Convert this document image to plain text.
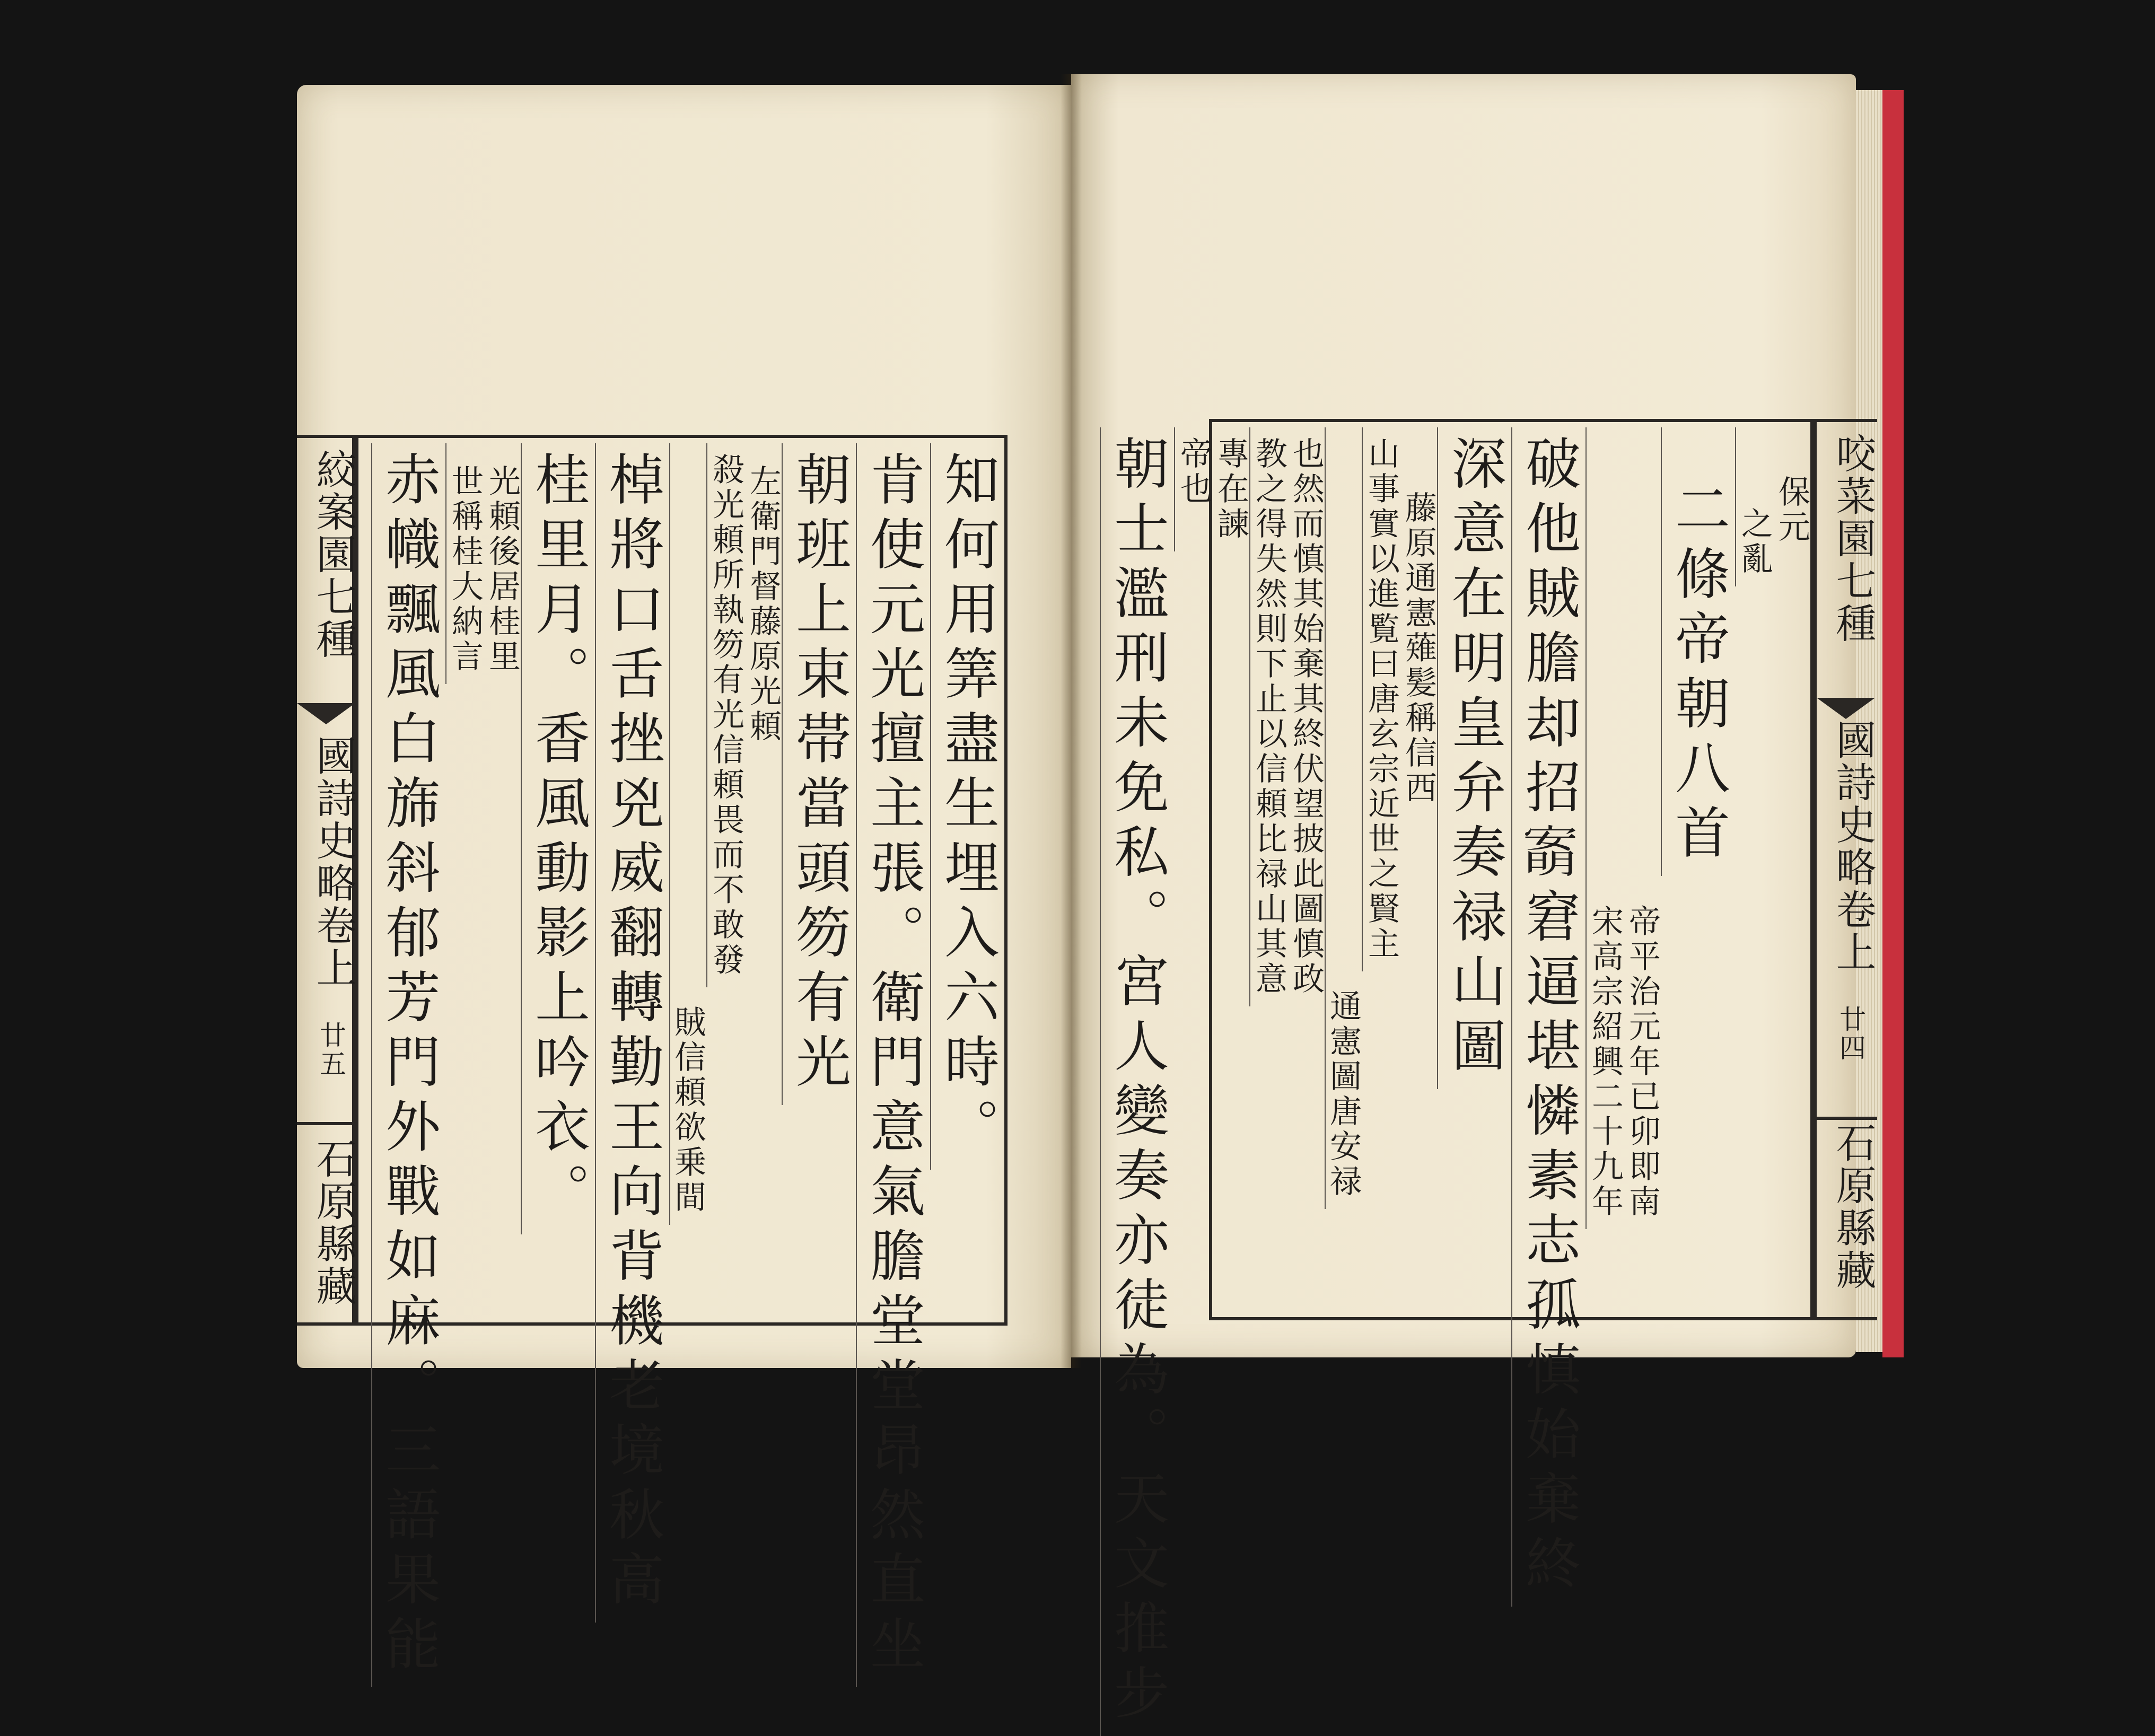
絞案園七種
國詩史略卷上
廿五
石原縣藏
知何用筭盡生埋入六時。
肯使元光擅主張。衛門意氣膽堂堂昂然直坐
朝班上束帯當頭笏有光
左衛門督藤原光頼
殺光頼所執笏有光信頼畏而不敢發
賊信頼欲乗間
棹將口舌挫兇威翻轉勤王向背機老境秋高
桂里月。香風動影上吟衣。
光頼後居桂里
世稱桂大納言
赤幟飄風白旆斜郁芳門外戰如麻。三語果能	保元
之亂
二條帝朝八首
帝平治元年已卯即南
宋高宗紹興二十九年
破他賊膽却招𡪙窘逼堪憐素志孤慎始棄終
深意在明皇弁奏禄山圖
藤原通憲薙髪稱信西
山事實以進覧曰唐玄宗近世之賢主
通憲圖唐安禄
也然而慎其始棄其終伏望披此圖慎政
教之得失然則下止以信頼比禄山其意
專在諫
帝也
朝士濫刑未免私。宮人變奏亦徒為。天文推步	咬菜園七種
國詩史略卷上
廿四
石原縣藏
